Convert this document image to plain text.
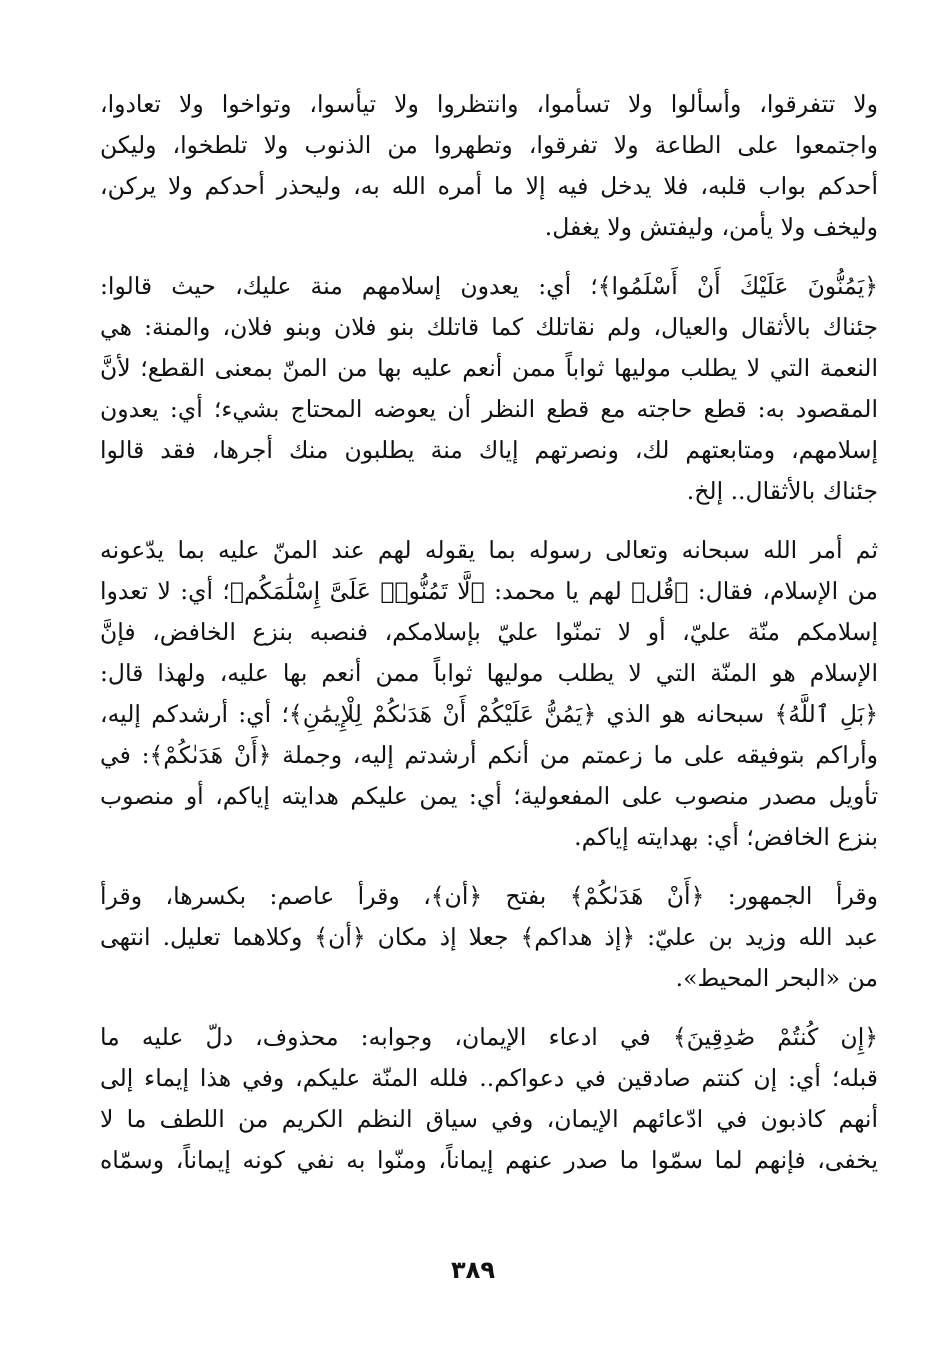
ولا تتفرقوا، وأسألوا ولا تسأموا، وانتظروا ولا تيأسوا، وتواخوا ولا تعادوا،
واجتمعوا على الطاعة ولا تفرقوا، وتطهروا من الذنوب ولا تلطخوا، وليكن
أحدكم بواب قلبه، فلا يدخل فيه إلا ما أمره الله به، وليحذر أحدكم ولا يركن،
وليخف ولا يأمن، وليفتش ولا يغفل.
﴿يَمُنُّونَ عَلَيْكَ أَنْ أَسْلَمُوا﴾؛ أي: يعدون إسلامهم منة عليك، حيث قالوا:
جئناك بالأثقال والعيال، ولم نقاتلك كما قاتلك بنو فلان وبنو فلان، والمنة: هي
النعمة التي لا يطلب موليها ثواباً ممن أنعم عليه بها من المنّ بمعنى القطع؛ لأنَّ
المقصود به: قطع حاجته مع قطع النظر أن يعوضه المحتاج بشيء؛ أي: يعدون
إسلامهم، ومتابعتهم لك، ونصرتهم إياك منة يطلبون منك أجرها، فقد قالوا
جئناك بالأثقال.. إلخ.
ثم أمر الله سبحانه وتعالى رسوله بما يقوله لهم عند المنّ عليه بما يدّعونه
من الإسلام، فقال: ﴿قُل﴾ لهم يا محمد: ﴿لَّا تَمُنُّوا۟ عَلَىَّ إِسْلَٰمَكُم﴾؛ أي: لا تعدوا
إسلامكم منّة عليّ، أو لا تمنّوا عليّ بإسلامكم، فنصبه بنزع الخافض، فإنَّ
الإسلام هو المنّة التي لا يطلب موليها ثواباً ممن أنعم بها عليه، ولهذا قال:
﴿بَلِ ٱللَّهُ﴾ سبحانه هو الذي ﴿يَمُنُّ عَلَيْكُمْ أَنْ هَدَىٰكُمْ لِلْإِيمَٰنِ﴾؛ أي: أرشدكم إليه،
وأراكم بتوفيقه على ما زعمتم من أنكم أرشدتم إليه، وجملة ﴿أَنْ هَدَىٰكُمْ﴾: في
تأويل مصدر منصوب على المفعولية؛ أي: يمن عليكم هدايته إياكم، أو منصوب
بنزع الخافض؛ أي: بهدايته إياكم.
وقرأ الجمهور: ﴿أَنْ هَدَىٰكُمْ﴾ بفتح ﴿أن﴾، وقرأ عاصم: بكسرها، وقرأ
عبد الله وزيد بن عليّ: ﴿إذ هداكم﴾ جعلا إذ مكان ﴿أن﴾ وكلاهما تعليل. انتهى
من «البحر المحيط».
﴿إِن كُنتُمْ صَٰدِقِينَ﴾ في ادعاء الإيمان، وجوابه: محذوف، دلّ عليه ما
قبله؛ أي: إن كنتم صادقين في دعواكم.. فلله المنّة عليكم، وفي هذا إيماء إلى
أنهم كاذبون في ادّعائهم الإيمان، وفي سياق النظم الكريم من اللطف ما لا
يخفى، فإنهم لما سمّوا ما صدر عنهم إيماناً، ومنّوا به نفي كونه إيماناً، وسمّاه
٣٨٩
